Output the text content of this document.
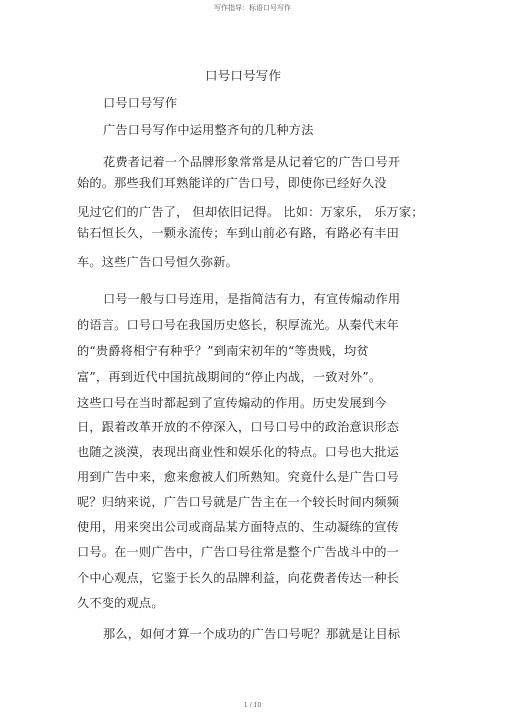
写作指导：标语口号写作
口号口号写作
口号口号写作
广告口号写作中运用整齐句的几种方法
花费者记着一个品牌形象常常是从记着它的广告口号开
始的。那些我们耳熟能详的广告口号，即使你已经好久没
见过它们的广告了， 但却依旧记得。 比如：万家乐， 乐万家；
钻石恒长久，一颗永流传；车到山前必有路，有路必有丰田
车。这些广告口号恒久弥新。
口号一般与口号连用，是指简洁有力，有宣传煽动作用
的语言。口号口号在我国历史悠长，积厚流光。从秦代末年
的“贵爵将相宁有种乎？”到南宋初年的“等贵贱，均贫
富”，再到近代中国抗战期间的“停止内战，一致对外”。
这些口号在当时都起到了宣传煽动的作用。历史发展到今
日，跟着改革开放的不停深入，口号口号中的政治意识形态
也随之淡漠，表现出商业性和娱乐化的特点。口号也大批运
用到广告中来，愈来愈被人们所熟知。究竟什么是广告口号
呢？归纳来说，广告口号就是广告主在一个较长时间内频频
使用，用来突出公司或商品某方面特点的、生动凝练的宣传
口号。在一则广告中，广告口号往常是整个广告战斗中的一
个中心观点，它鉴于长久的品牌利益，向花费者传达一种长
久不变的观点。
那么，如何才算一个成功的广告口号呢？那就是让目标
1 / 10
